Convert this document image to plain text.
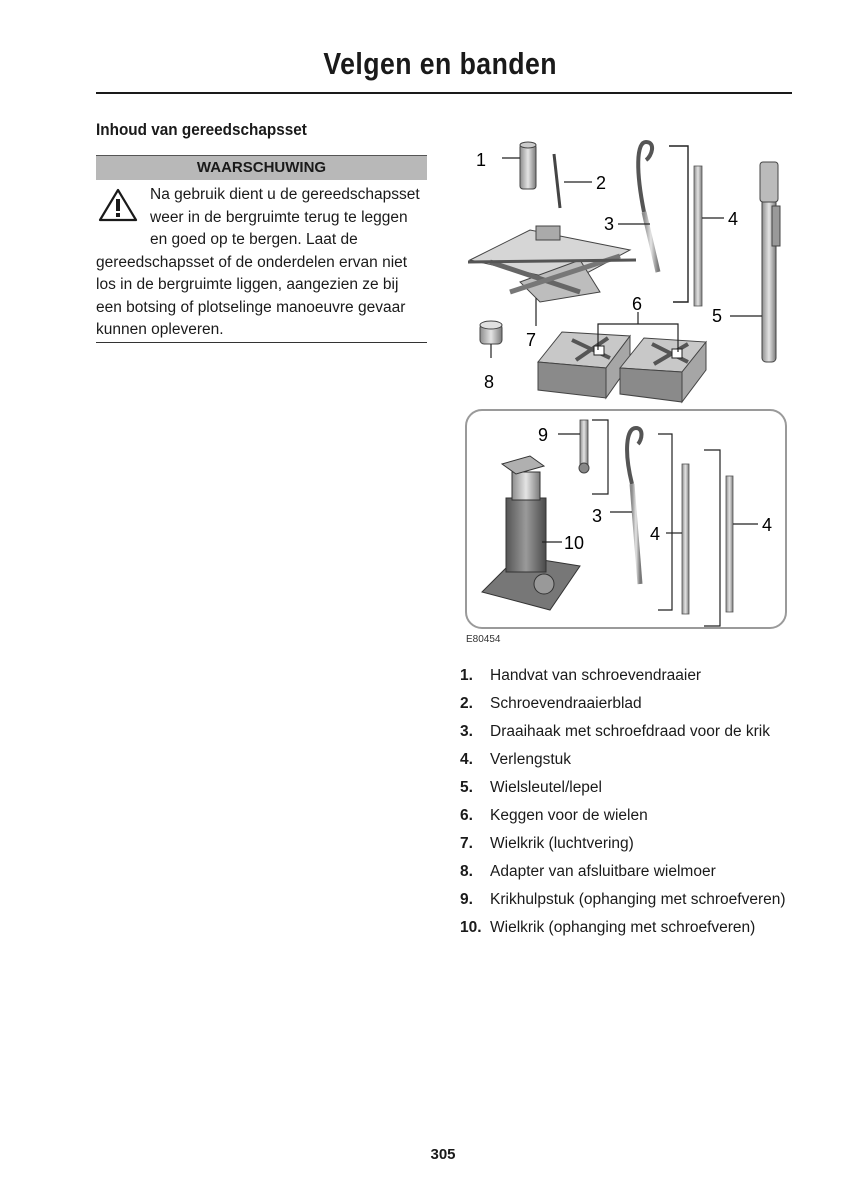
Velgen en banden
Inhoud van gereedschapsset
WAARSCHUWING
Na gebruik dient u de gereedschapsset weer in de bergruimte terug te leggen en goed op te bergen. Laat de gereedschapsset of de onderdelen ervan niet los in de bergruimte liggen, aangezien ze bij een botsing of plotselinge manoeuvre gevaar kunnen opleveren.
1
2
3	4
5
7
6
8
10
9
3
4	4
E80454
1.	Handvat van schroevendraaier
2.	Schroevendraaierblad
3.	Draaihaak met schroefdraad voor de krik
4.	Verlengstuk
5.	Wielsleutel/lepel
6.	Keggen voor de wielen
7.	Wielkrik (luchtvering)
8.	Adapter van afsluitbare wielmoer
9.	Krikhulpstuk (ophanging met schroefveren)
10. Wielkrik (ophanging met schroefveren)
305
